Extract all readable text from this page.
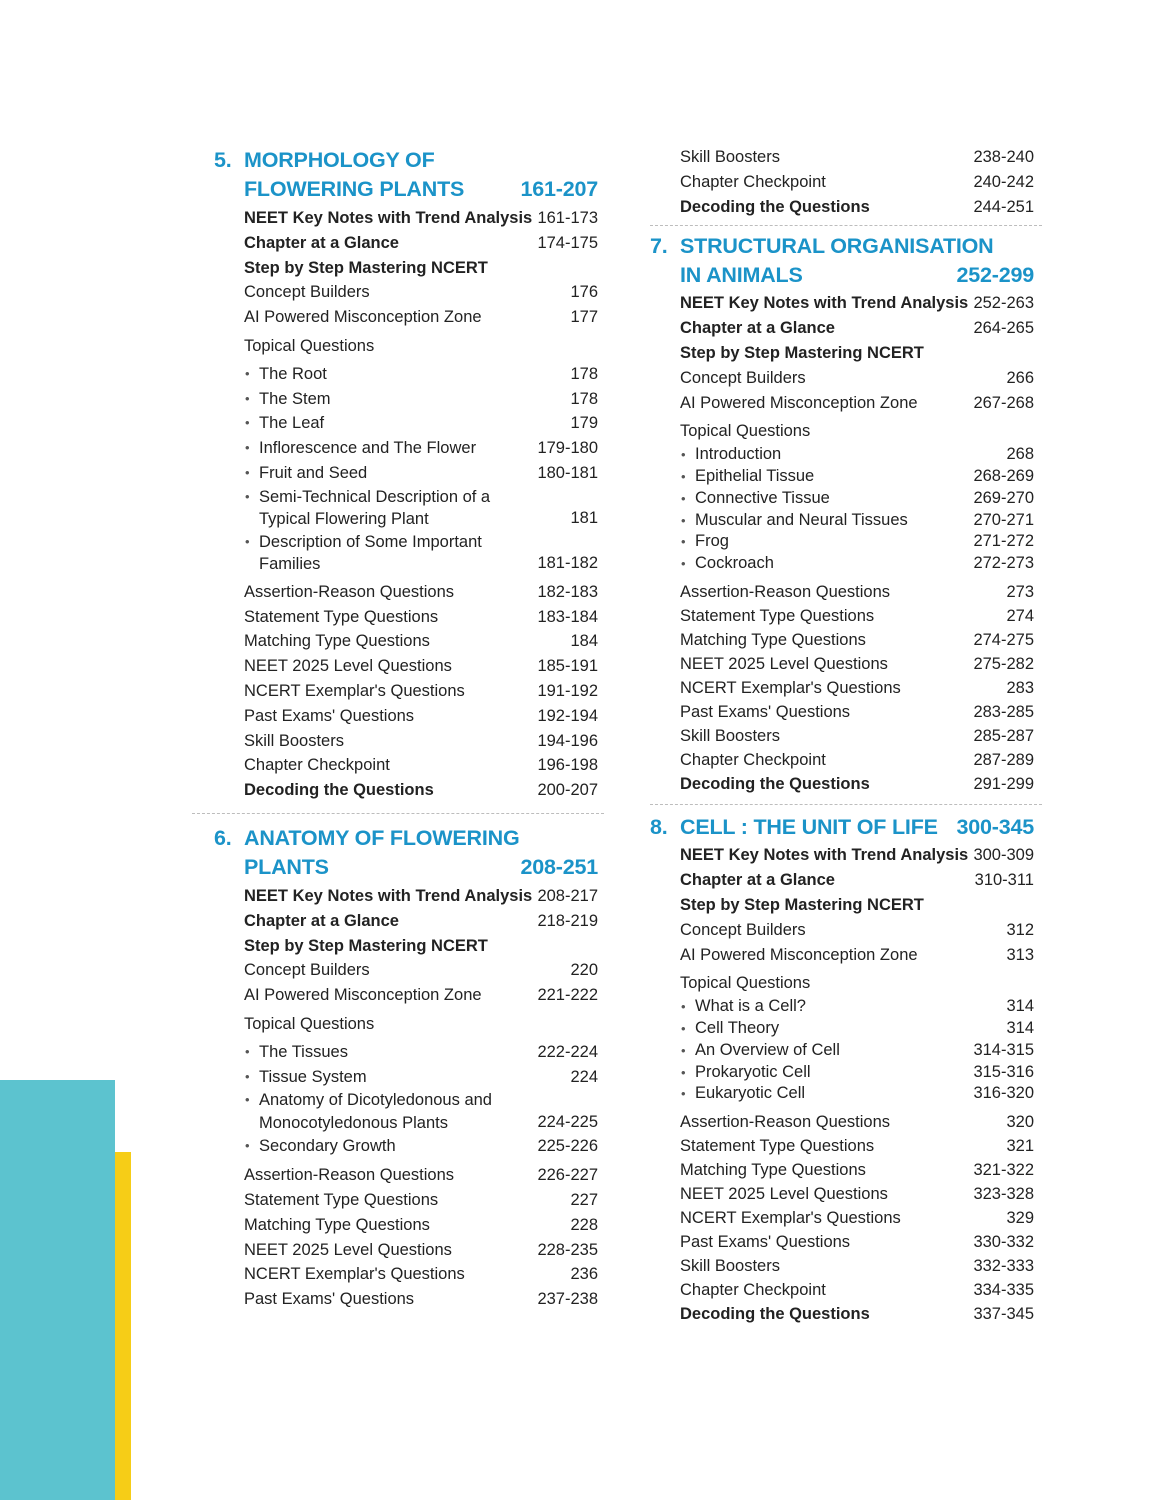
5. MORPHOLOGY OF
FLOWERING PLANTS	161-207
NEET Key Notes with Trend Analysis 161-173
Chapter at a Glance	174-175
Step by Step Mastering NCERT
Concept Builders	176
AI Powered Misconception Zone	177
Topical Questions
• The Root	178
• The Stem	178
• The Leaf	179
• Inflorescence and The Flower	179-180
• Fruit and Seed	180-181
• Semi-Technical Description of a Typical Flowering Plant	181
• Description of Some Important Families	181-182
Assertion-Reason Questions	182-183
Statement Type Questions	183-184
Matching Type Questions	184
NEET 2025 Level Questions	185-191
NCERT Exemplar's Questions	191-192
Past Exams' Questions	192-194
Skill Boosters	194-196
Chapter Checkpoint	196-198
Decoding the Questions	200-207
6. ANATOMY OF FLOWERING
PLANTS	208-251
NEET Key Notes with Trend Analysis 208-217
Chapter at a Glance	218-219
Step by Step Mastering NCERT
Concept Builders	220
AI Powered Misconception Zone	221-222
Topical Questions
• The Tissues	222-224
• Tissue System	224
• Anatomy of Dicotyledonous and Monocotyledonous Plants	224-225
• Secondary Growth	225-226
Assertion-Reason Questions	226-227
Statement Type Questions	227
Matching Type Questions	228
NEET 2025 Level Questions	228-235
NCERT Exemplar's Questions	236
Past Exams' Questions	237-238
Skill Boosters	238-240
Chapter Checkpoint	240-242
Decoding the Questions	244-251
7. STRUCTURAL ORGANISATION
IN ANIMALS	252-299
NEET Key Notes with Trend Analysis 252-263
Chapter at a Glance	264-265
Step by Step Mastering NCERT
Concept Builders	266
AI Powered Misconception Zone	267-268
Topical Questions
• Introduction	268
• Epithelial Tissue	268-269
• Connective Tissue	269-270
• Muscular and Neural Tissues	270-271
• Frog	271-272
• Cockroach	272-273
Assertion-Reason Questions	273
Statement Type Questions	274
Matching Type Questions	274-275
NEET 2025 Level Questions	275-282
NCERT Exemplar's Questions	283
Past Exams' Questions	283-285
Skill Boosters	285-287
Chapter Checkpoint	287-289
Decoding the Questions	291-299
8. CELL : THE UNIT OF LIFE 300-345
NEET Key Notes with Trend Analysis 300-309
Chapter at a Glance	310-311
Step by Step Mastering NCERT
Concept Builders	312
AI Powered Misconception Zone	313
Topical Questions
• What is a Cell?	314
• Cell Theory	314
• An Overview of Cell	314-315
• Prokaryotic Cell	315-316
• Eukaryotic Cell	316-320
Assertion-Reason Questions	320
Statement Type Questions	321
Matching Type Questions	321-322
NEET 2025 Level Questions	323-328
NCERT Exemplar's Questions	329
Past Exams' Questions	330-332
Skill Boosters	332-333
Chapter Checkpoint	334-335
Decoding the Questions	337-345
